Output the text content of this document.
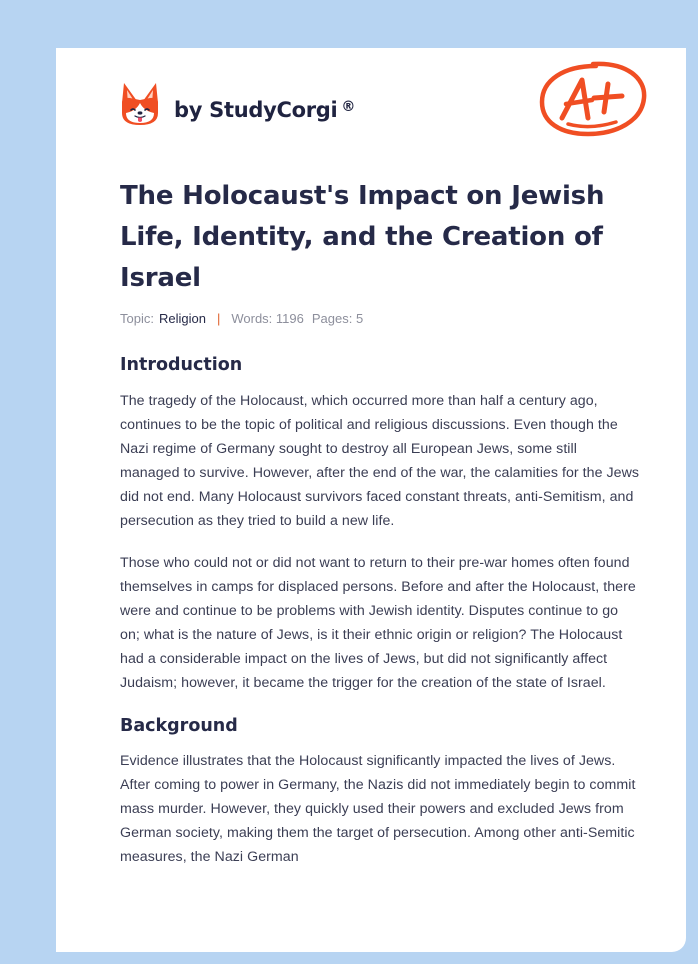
by StudyCorgi ®
The Holocaust's Impact on Jewish Life, Identity, and the Creation of Israel
Topic: Religion | Words: 1196 Pages: 5
Introduction

The tragedy of the Holocaust, which occurred more than half a century ago, continues to be the topic of political and religious discussions. Even though the Nazi regime of Germany sought to destroy all European Jews, some still managed to survive. However, after the end of the war, the calamities for the Jews did not end. Many Holocaust survivors faced constant threats, anti-Semitism, and persecution as they tried to build a new life.

Those who could not or did not want to return to their pre-war homes often found themselves in camps for displaced persons. Before and after the Holocaust, there were and continue to be problems with Jewish identity. Disputes continue to go on; what is the nature of Jews, is it their ethnic origin or religion? The Holocaust had a considerable impact on the lives of Jews, but did not significantly affect Judaism; however, it became the trigger for the creation of the state of Israel.

Background

Evidence illustrates that the Holocaust significantly impacted the lives of Jews. After coming to power in Germany, the Nazis did not immediately begin to commit mass murder. However, they quickly used their powers and excluded Jews from German society, making them the target of persecution. Among other anti-Semitic measures, the Nazi German
